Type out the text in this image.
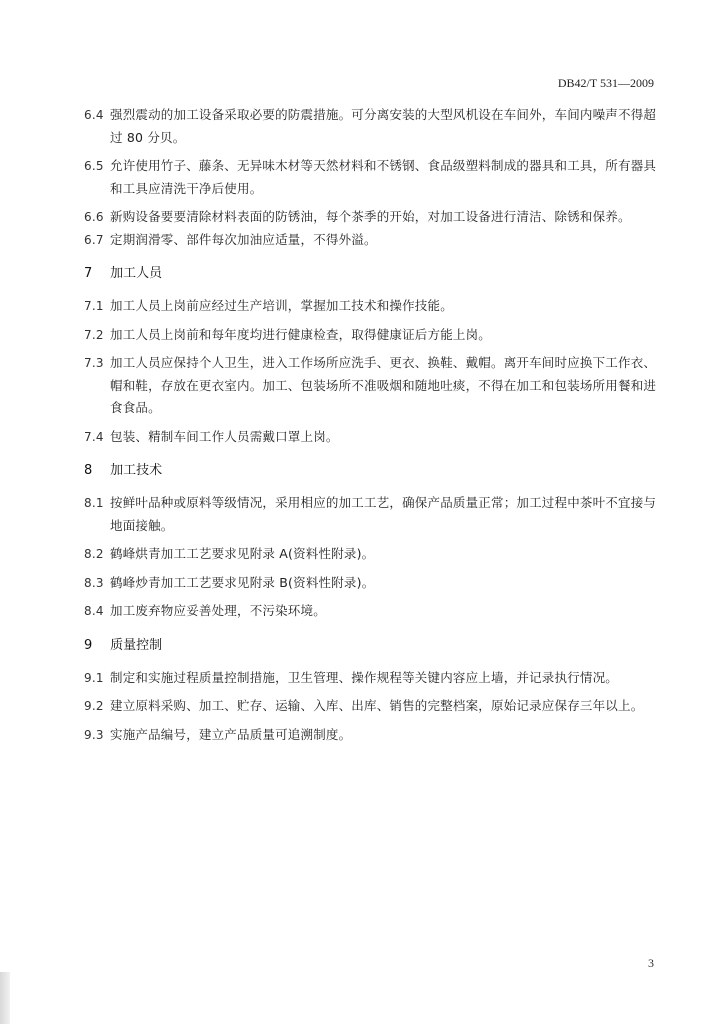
DB42/T 531—2009

6.4 强烈震动的加工设备采取必要的防震措施。可分离安装的大型风机设在车间外，车间内噪声不得超过 80 分贝。

6.5 允许使用竹子、藤条、无异味木材等天然材料和不锈钢、食品级塑料制成的器具和工具，所有器具和工具应清洗干净后使用。

6.6 新购设备要要清除材料表面的防锈油，每个茶季的开始，对加工设备进行清洁、除锈和保养。

6.7 定期润滑零、部件每次加油应适量，不得外溢。

7 加工人员

7.1 加工人员上岗前应经过生产培训，掌握加工技术和操作技能。

7.2 加工人员上岗前和每年度均进行健康检查，取得健康证后方能上岗。

7.3 加工人员应保持个人卫生，进入工作场所应洗手、更衣、换鞋、戴帽。离开车间时应换下工作衣、帽和鞋，存放在更衣室内。加工、包装场所不准吸烟和随地吐痰，不得在加工和包装场所用餐和进食食品。

7.4 包装、精制车间工作人员需戴口罩上岗。

8 加工技术

8.1 按鲜叶品种或原料等级情况，采用相应的加工工艺，确保产品质量正常；加工过程中茶叶不宜接与地面接触。

8.2 鹤峰烘青加工工艺要求见附录 A(资料性附录)。

8.3 鹤峰炒青加工工艺要求见附录 B(资料性附录)。

8.4 加工废弃物应妥善处理，不污染环境。

9 质量控制

9.1 制定和实施过程质量控制措施，卫生管理、操作规程等关键内容应上墙，并记录执行情况。

9.2 建立原料采购、加工、贮存、运输、入库、出库、销售的完整档案，原始记录应保存三年以上。

9.3 实施产品编号，建立产品质量可追溯制度。

3
